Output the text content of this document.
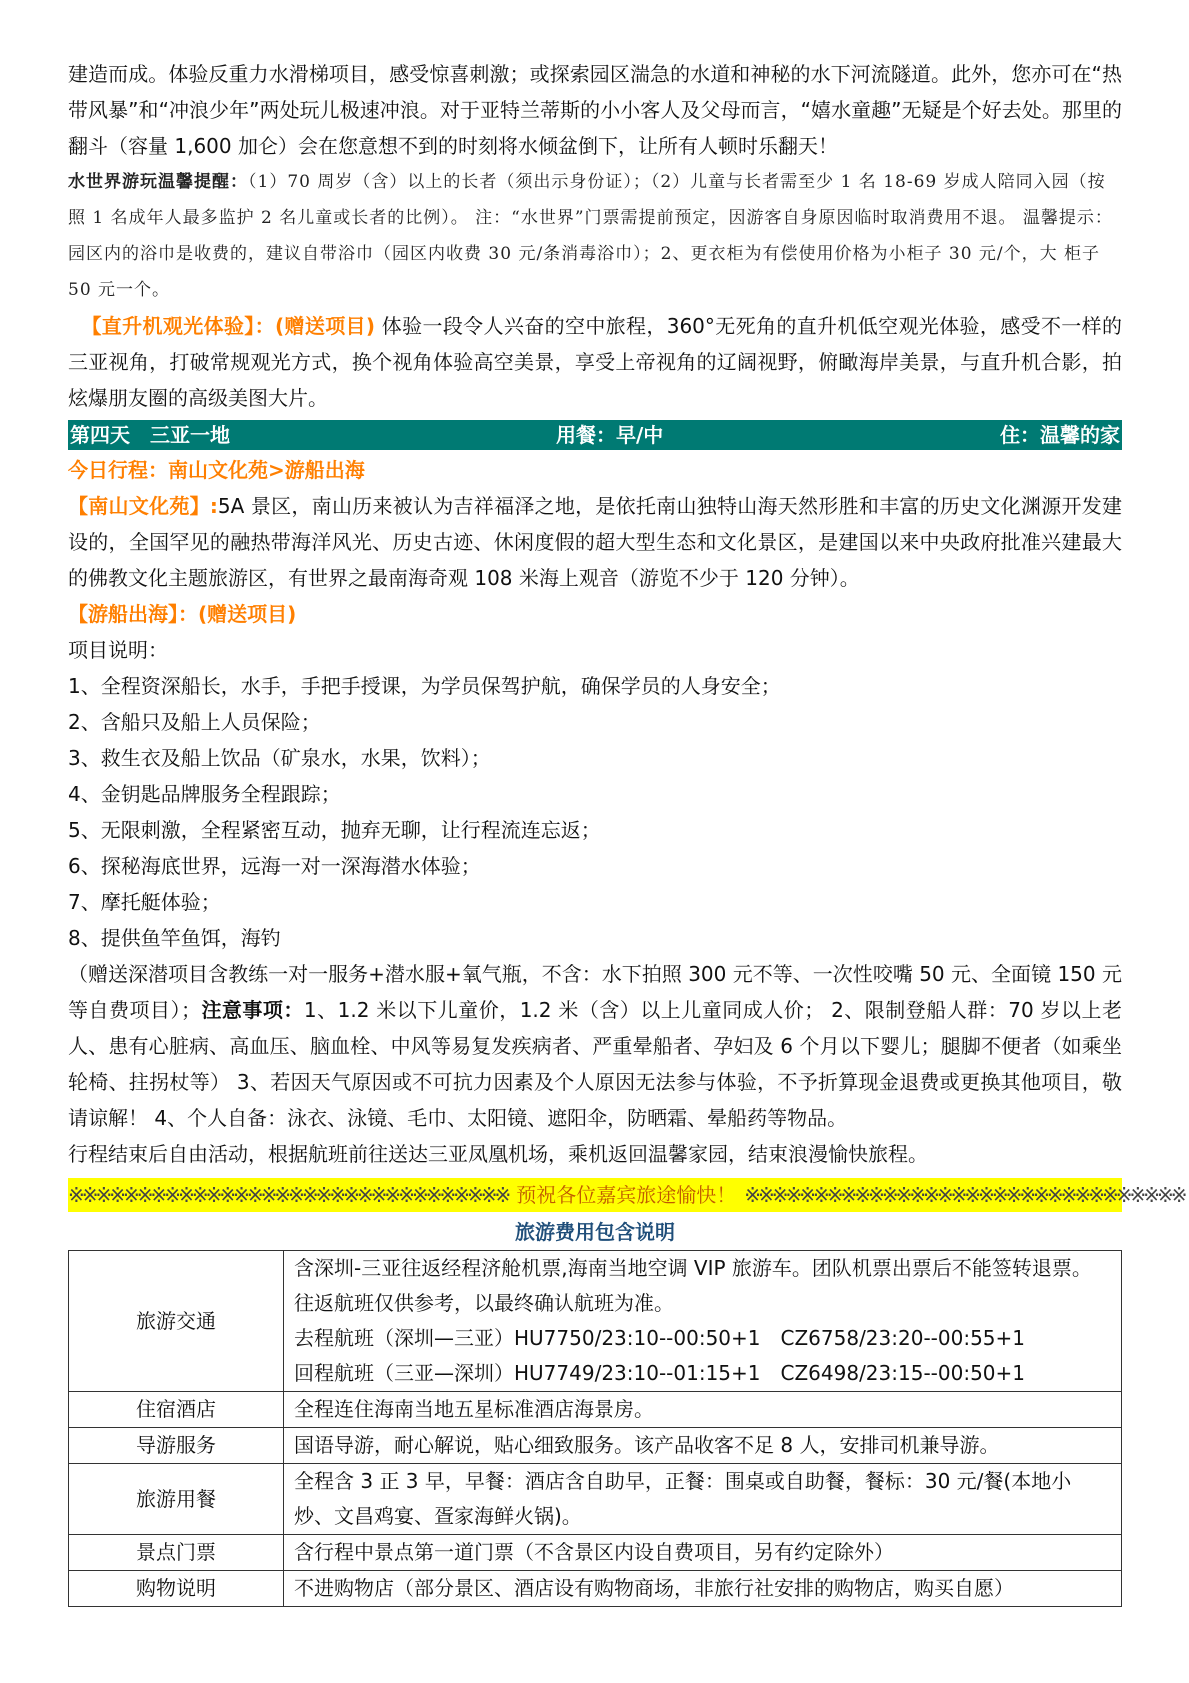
建造而成。体验反重力水滑梯项目，感受惊喜刺激；或探索园区湍急的水道和神秘的水下河流隧道。此外，您亦可在“热带风暴”和“冲浪少年”两处玩儿极速冲浪。对于亚特兰蒂斯的小小客人及父母而言，“嬉水童趣”无疑是个好去处。那里的翻斗（容量 1,600 加仑）会在您意想不到的时刻将水倾盆倒下，让所有人顿时乐翻天！

水世界游玩温馨提醒：（1）70 周岁（含）以上的长者（须出示身份证）；（2）儿童与长者需至少 1 名 18-69 岁成人陪同入园（按照 1 名成年人最多监护 2 名儿童或长者的比例）。 注：“水世界”门票需提前预定，因游客自身原因临时取消费用不退。 温馨提示：园区内的浴巾是收费的，建议自带浴巾（园区内收费 30 元/条消毒浴巾）；2、更衣柜为有偿使用价格为小柜子 30 元/个，大 柜子 50 元一个。

【直升机观光体验】：(赠送项目) 体验一段令人兴奋的空中旅程，360°无死角的直升机低空观光体验，感受不一样的三亚视角，打破常规观光方式，换个视角体验高空美景，享受上帝视角的辽阔视野，俯瞰海岸美景，与直升机合影，拍炫爆朋友圈的高级美图大片。

第四天　三亚一地	用餐：早/中	住：温馨的家

今日行程：南山文化苑>游船出海

【南山文化苑】:5A 景区，南山历来被认为吉祥福泽之地，是依托南山独特山海天然形胜和丰富的历史文化渊源开发建设的，全国罕见的融热带海洋风光、历史古迹、休闲度假的超大型生态和文化景区，是建国以来中央政府批准兴建最大的佛教文化主题旅游区，有世界之最南海奇观 108 米海上观音（游览不少于 120 分钟）。

【游船出海】：(赠送项目)

项目说明：

1、全程资深船长，水手，手把手授课，为学员保驾护航，确保学员的人身安全；

2、含船只及船上人员保险；

3、救生衣及船上饮品（矿泉水，水果，饮料）；

4、金钥匙品牌服务全程跟踪；

5、无限刺激，全程紧密互动，抛弃无聊，让行程流连忘返；

6、探秘海底世界，远海一对一深海潜水体验；

7、摩托艇体验；

8、提供鱼竿鱼饵，海钓

（赠送深潜项目含教练一对一服务+潜水服+氧气瓶，不含：水下拍照 300 元不等、一次性咬嘴 50 元、全面镜 150 元等自费项目）；注意事项：1、1.2 米以下儿童价，1.2 米（含）以上儿童同成人价； 2、限制登船人群：70 岁以上老人、患有心脏病、高血压、脑血栓、中风等易复发疾病者、严重晕船者、孕妇及 6 个月以下婴儿；腿脚不便者（如乘坐轮椅、拄拐杖等） 3、若因天气原因或不可抗力因素及个人原因无法参与体验，不予折算现金退费或更换其他项目，敬请谅解！ 4、个人自备：泳衣、泳镜、毛巾、太阳镜、遮阳伞，防晒霜、晕船药等物品。

行程结束后自由活动，根据航班前往送达三亚凤凰机场，乘机返回温馨家园，结束浪漫愉快旅程。

※※※※※※※※※※※※※※※※※※※※※※※※※※※※※※※※ 预祝各位嘉宾旅途愉快！ ※※※※※※※※※※※※※※※※※※※※※※※※※※※※※※※※
旅游费用包含说明
旅游交通	含深圳-三亚往返经程济舱机票,海南当地空调 VIP 旅游车。团队机票出票后不能签转退票。
往返航班仅供参考，以最终确认航班为准。
去程航班（深圳—三亚）HU7750/23:10--00:50+1　CZ6758/23:20--00:55+1
回程航班（三亚—深圳）HU7749/23:10--01:15+1　CZ6498/23:15--00:50+1

住宿酒店	全程连住海南当地五星标准酒店海景房。
导游服务	国语导游，耐心解说，贴心细致服务。该产品收客不足 8 人，安排司机兼导游。
旅游用餐	全程含 3 正 3 早，早餐：酒店含自助早，正餐：围桌或自助餐，餐标：30 元/餐(本地小炒、文昌鸡宴、疍家海鲜火锅)。
景点门票	含行程中景点第一道门票（不含景区内设自费项目，另有约定除外）
购物说明	不进购物店（部分景区、酒店设有购物商场，非旅行社安排的购物店，购买自愿）
